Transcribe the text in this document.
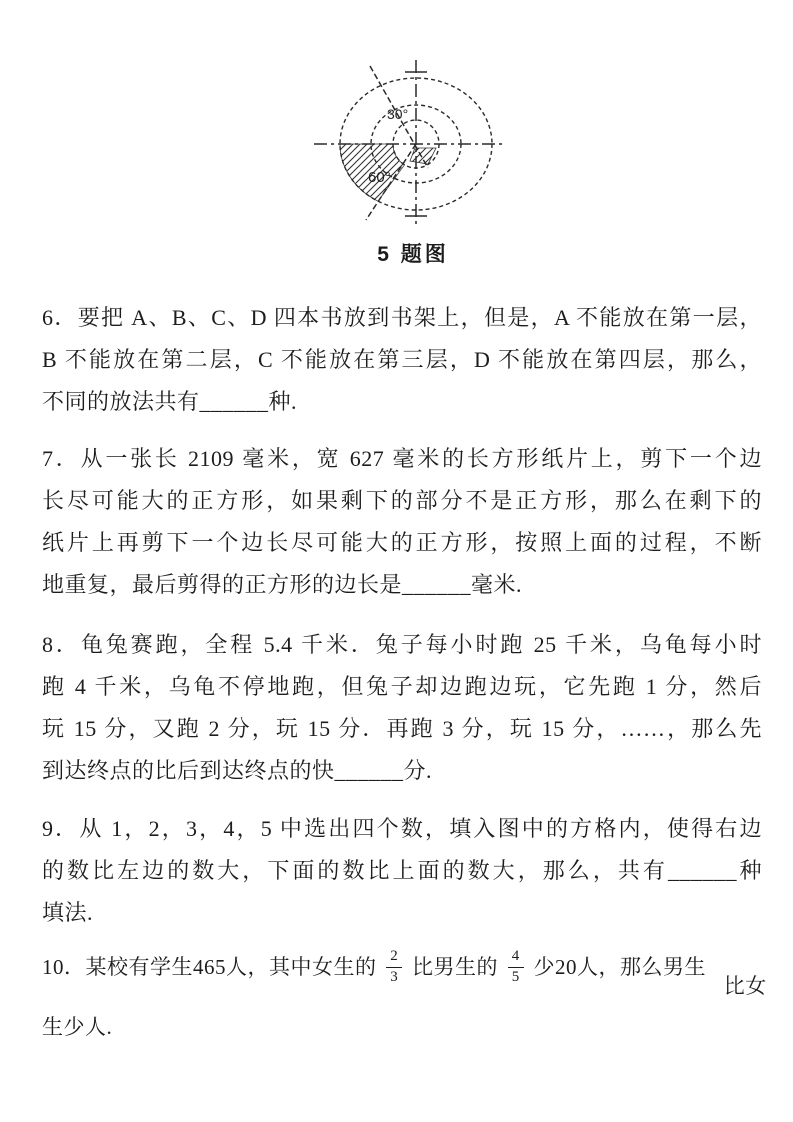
30°
60°
5 题图
6．要把 A、B、C、D 四本书放到书架上，但是，A 不能放在第一层，
B 不能放在第二层，C 不能放在第三层，D 不能放在第四层，那么，
不同的放法共有______种.
7．从一张长 2109 毫米，宽 627 毫米的长方形纸片上，剪下一个边
长尽可能大的正方形，如果剩下的部分不是正方形，那么在剩下的
纸片上再剪下一个边长尽可能大的正方形，按照上面的过程，不断
地重复，最后剪得的正方形的边长是______毫米.
8．龟兔赛跑，全程 5.4 千米．兔子每小时跑 25 千米，乌龟每小时
跑 4 千米，乌龟不停地跑，但兔子却边跑边玩，它先跑 1 分，然后
玩 15 分，又跑 2 分，玩 15 分．再跑 3 分，玩 15 分，……，那么先
到达终点的比后到达终点的快______分.
9．从 1，2，3，4，5 中选出四个数，填入图中的方格内，使得右边
的数比左边的数大，下面的数比上面的数大，那么，共有______种
填法.
10．某校有学生465人，其中女生的 $\frac{2}{3}$ 比男生的 $\frac{4}{5}$ 少20人，那么男生 比女
生少人.
